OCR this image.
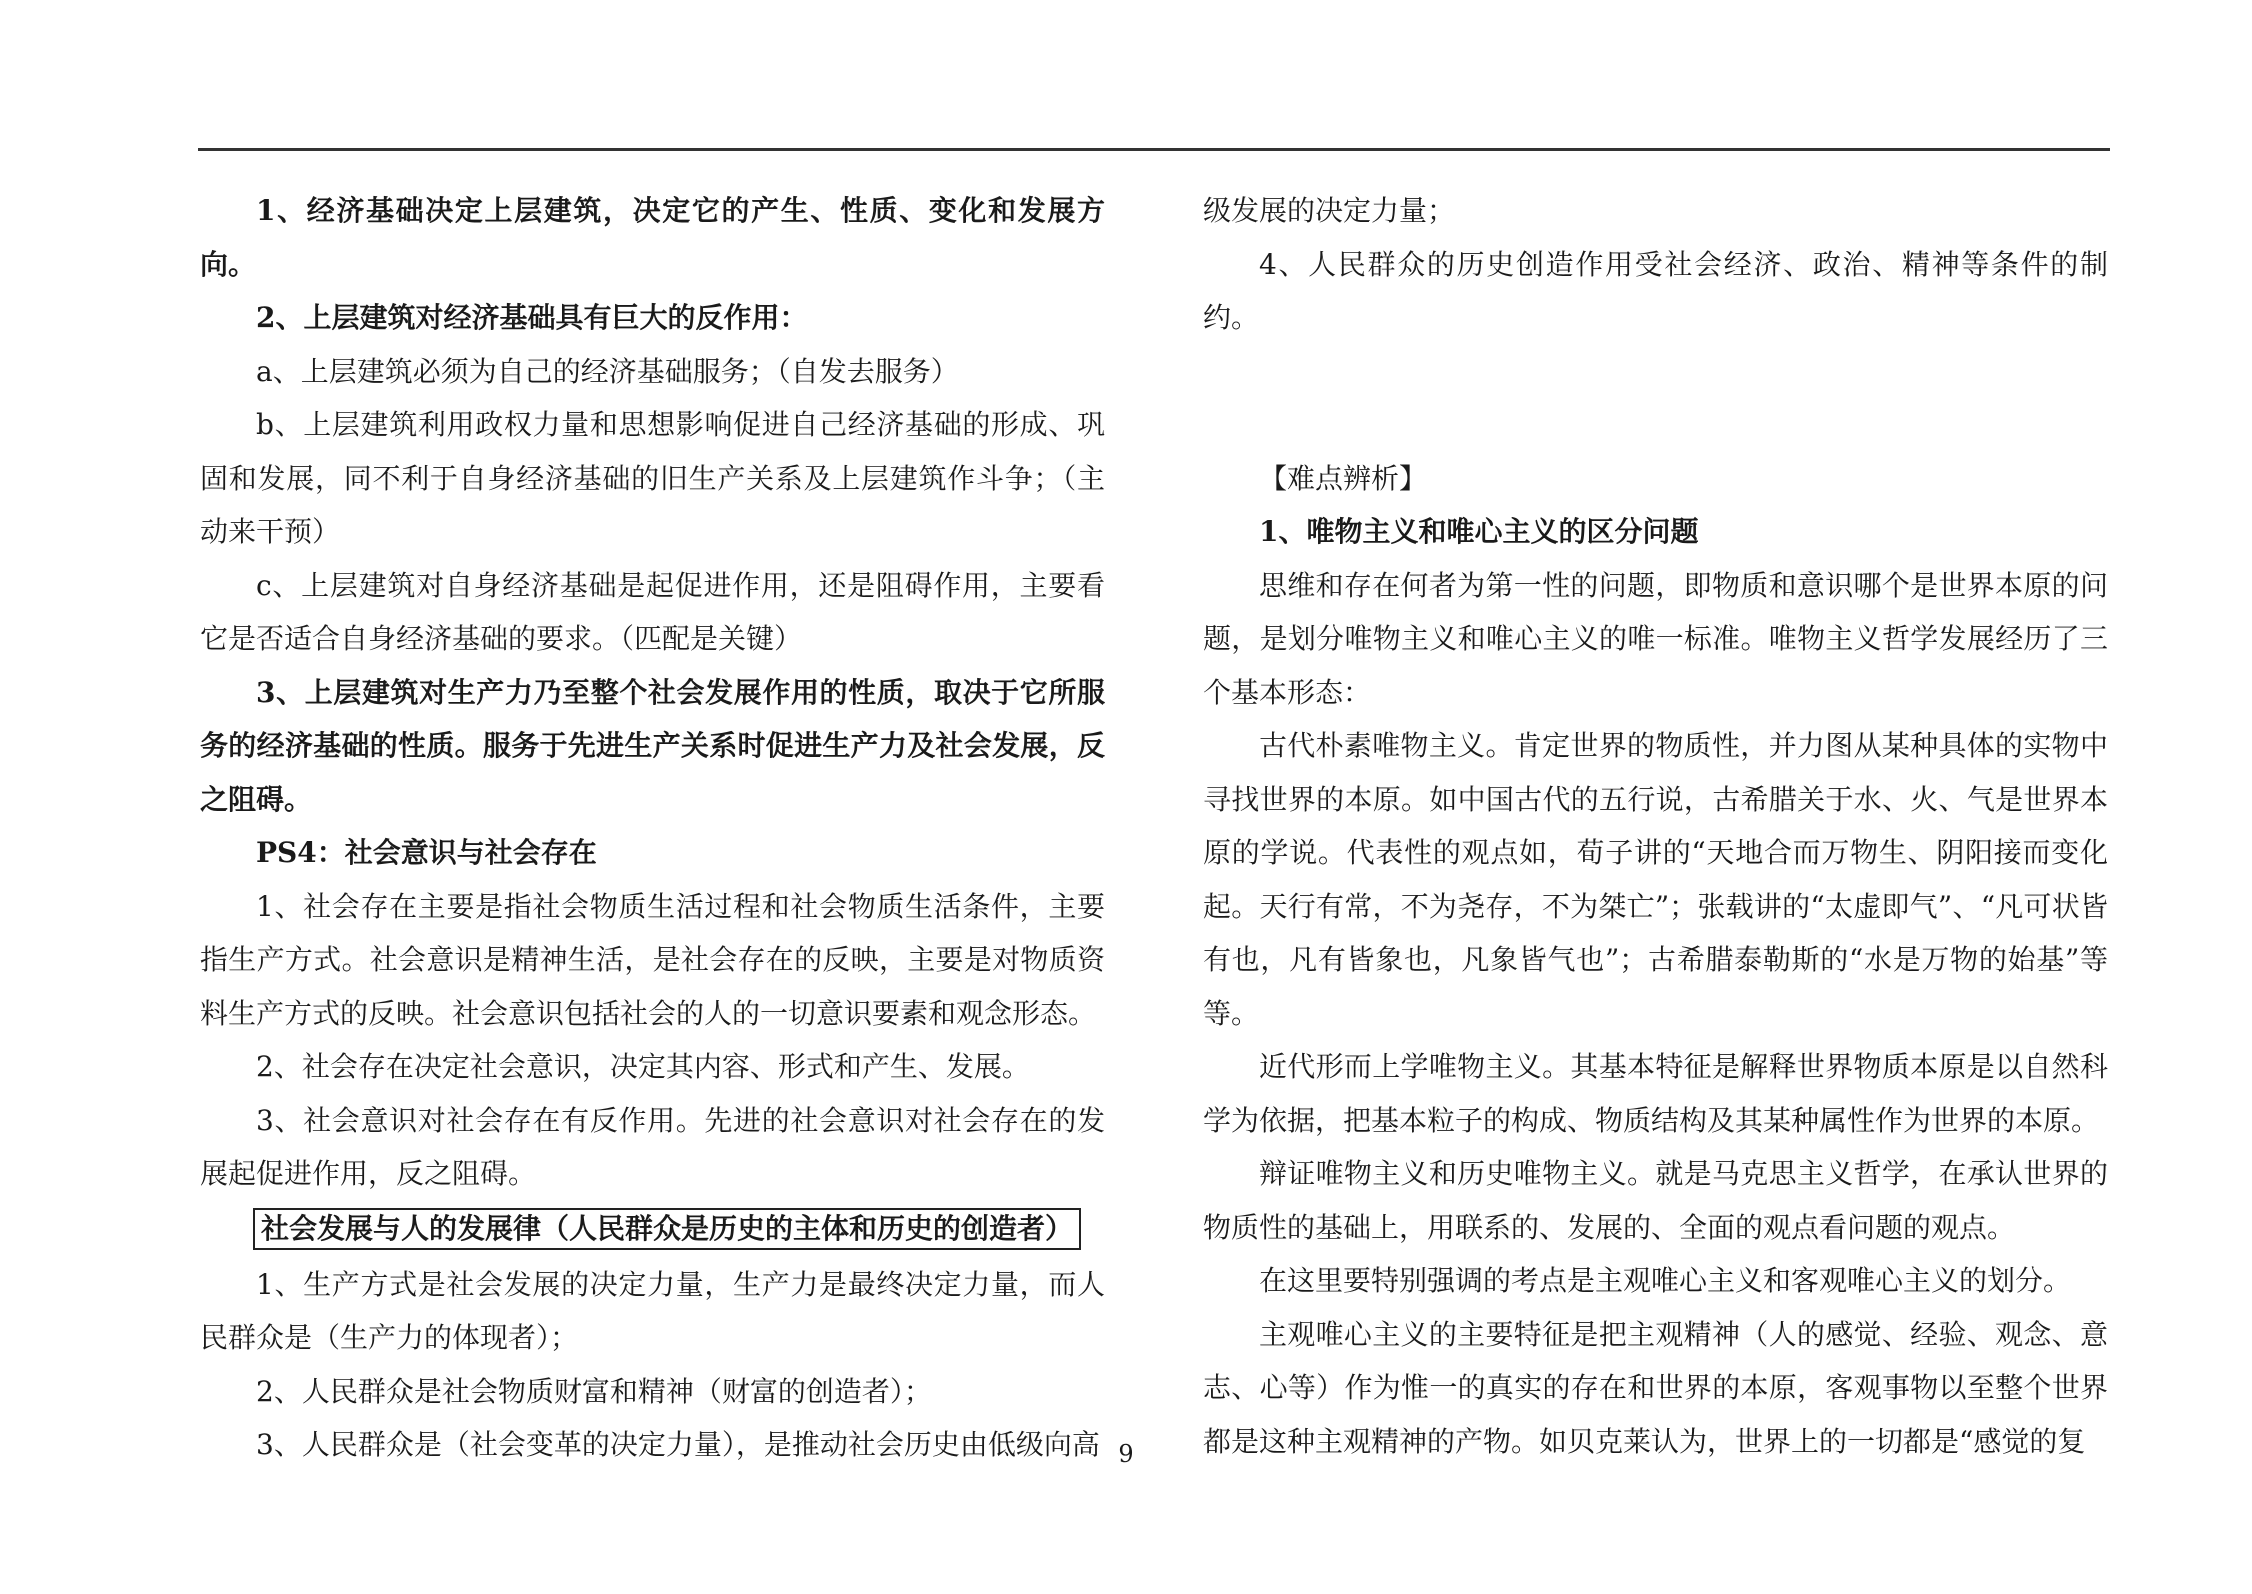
1、经济基础决定上层建筑，决定它的产生、性质、变化和发展方向。

2、上层建筑对经济基础具有巨大的反作用：

a、上层建筑必须为自己的经济基础服务；（自发去服务）

b、上层建筑利用政权力量和思想影响促进自己经济基础的形成、巩固和发展，同不利于自身经济基础的旧生产关系及上层建筑作斗争；（主动来干预）

c、上层建筑对自身经济基础是起促进作用，还是阻碍作用，主要看它是否适合自身经济基础的要求。（匹配是关键）

3、上层建筑对生产力乃至整个社会发展作用的性质，取决于它所服务的经济基础的性质。服务于先进生产关系时促进生产力及社会发展，反之阻碍。

PS4：社会意识与社会存在

1、社会存在主要是指社会物质生活过程和社会物质生活条件，主要指生产方式。社会意识是精神生活，是社会存在的反映，主要是对物质资料生产方式的反映。社会意识包括社会的人的一切意识要素和观念形态。

2、社会存在决定社会意识，决定其内容、形式和产生、发展。

3、社会意识对社会存在有反作用。先进的社会意识对社会存在的发展起促进作用，反之阻碍。

社会发展与人的发展律（人民群众是历史的主体和历史的创造者）

1、生产方式是社会发展的决定力量，生产力是最终决定力量，而人民群众是（生产力的体现者）；

2、人民群众是社会物质财富和精神（财富的创造者）；

3、人民群众是（社会变革的决定力量），是推动社会历史由低级向高

级发展的决定力量；

4、人民群众的历史创造作用受社会经济、政治、精神等条件的制约。

【难点辨析】

1、唯物主义和唯心主义的区分问题

思维和存在何者为第一性的问题，即物质和意识哪个是世界本原的问题，是划分唯物主义和唯心主义的唯一标准。唯物主义哲学发展经历了三个基本形态：

古代朴素唯物主义。肯定世界的物质性，并力图从某种具体的实物中寻找世界的本原。如中国古代的五行说，古希腊关于水、火、气是世界本原的学说。代表性的观点如，荀子讲的“天地合而万物生、阴阳接而变化起。天行有常，不为尧存，不为桀亡”；张载讲的“太虚即气”、“凡可状皆有也，凡有皆象也，凡象皆气也”；古希腊泰勒斯的“水是万物的始基”等等。

近代形而上学唯物主义。其基本特征是解释世界物质本原是以自然科学为依据，把基本粒子的构成、物质结构及其某种属性作为世界的本原。

辩证唯物主义和历史唯物主义。就是马克思主义哲学，在承认世界的物质性的基础上，用联系的、发展的、全面的观点看问题的观点。

在这里要特别强调的考点是主观唯心主义和客观唯心主义的划分。

主观唯心主义的主要特征是把主观精神（人的感觉、经验、观念、意志、心等）作为惟一的真实的存在和世界的本原，客观事物以至整个世界都是这种主观精神的产物。如贝克莱认为，世界上的一切都是“感觉的复

9
